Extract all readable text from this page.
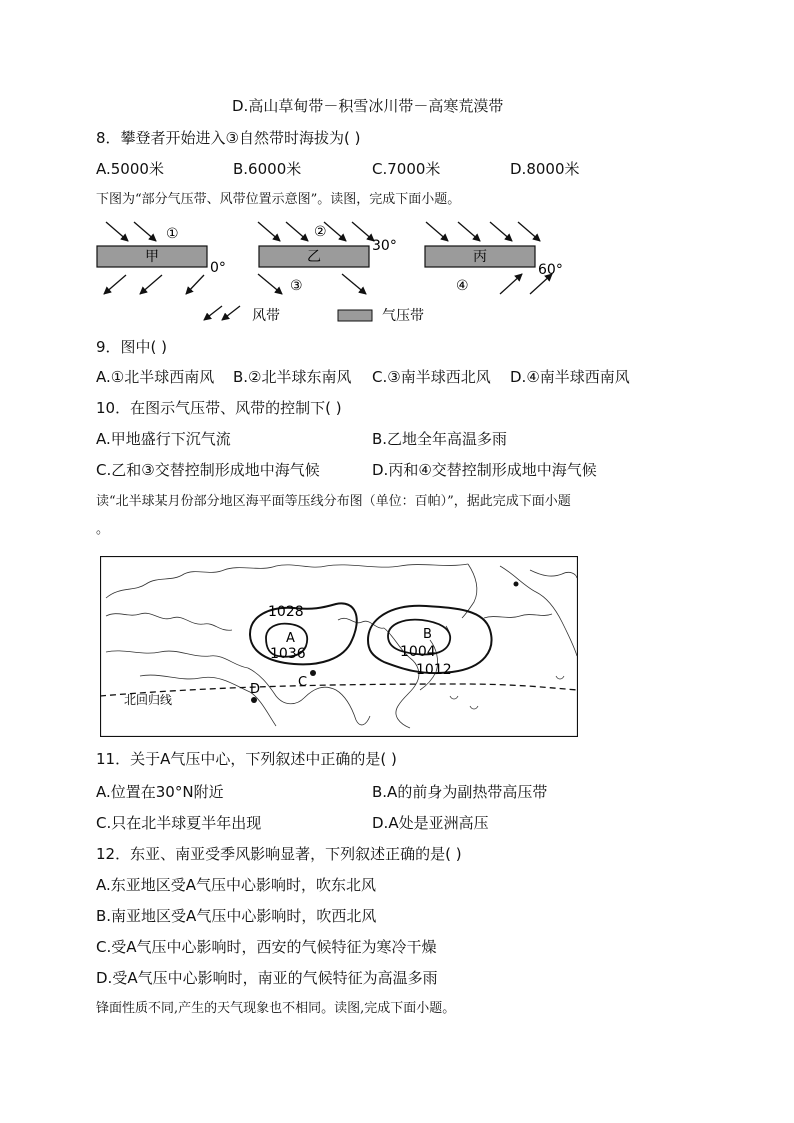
D.高山草甸带－积雪冰川带－高寒荒漠带
8．攀登者开始进入③自然带时海拔为( )
A.5000米	B.6000米	C.7000米	D.8000米
下图为“部分气压带、风带位置示意图”。读图，完成下面小题。
甲
0°
①
乙
30°
②
③
丙
60°
④
风带	气压带
9．图中( )
A.①北半球西南风 B.②北半球东南风 C.③南半球西北风 D.④南半球西南风
10．在图示气压带、风带的控制下( )
A.甲地盛行下沉气流	B.乙地全年高温多雨
C.乙和③交替控制形成地中海气候	D.丙和④交替控制形成地中海气候
读“北半球某月份部分地区海平面等压线分布图（单位：百帕）”，据此完成下面小题
。
1028
A
1036
B
1004
1012
C
D
北回归线
11．关于A气压中心，下列叙述中正确的是( )
A.位置在30°N附近	B.A的前身为副热带高压带
C.只在北半球夏半年出现	D.A处是亚洲高压
12．东亚、南亚受季风影响显著，下列叙述正确的是( )
A.东亚地区受A气压中心影响时，吹东北风
B.南亚地区受A气压中心影响时，吹西北风
C.受A气压中心影响时，西安的气候特征为寒冷干燥
D.受A气压中心影响时，南亚的气候特征为高温多雨
锋面性质不同,产生的天气现象也不相同。读图,完成下面小题。
